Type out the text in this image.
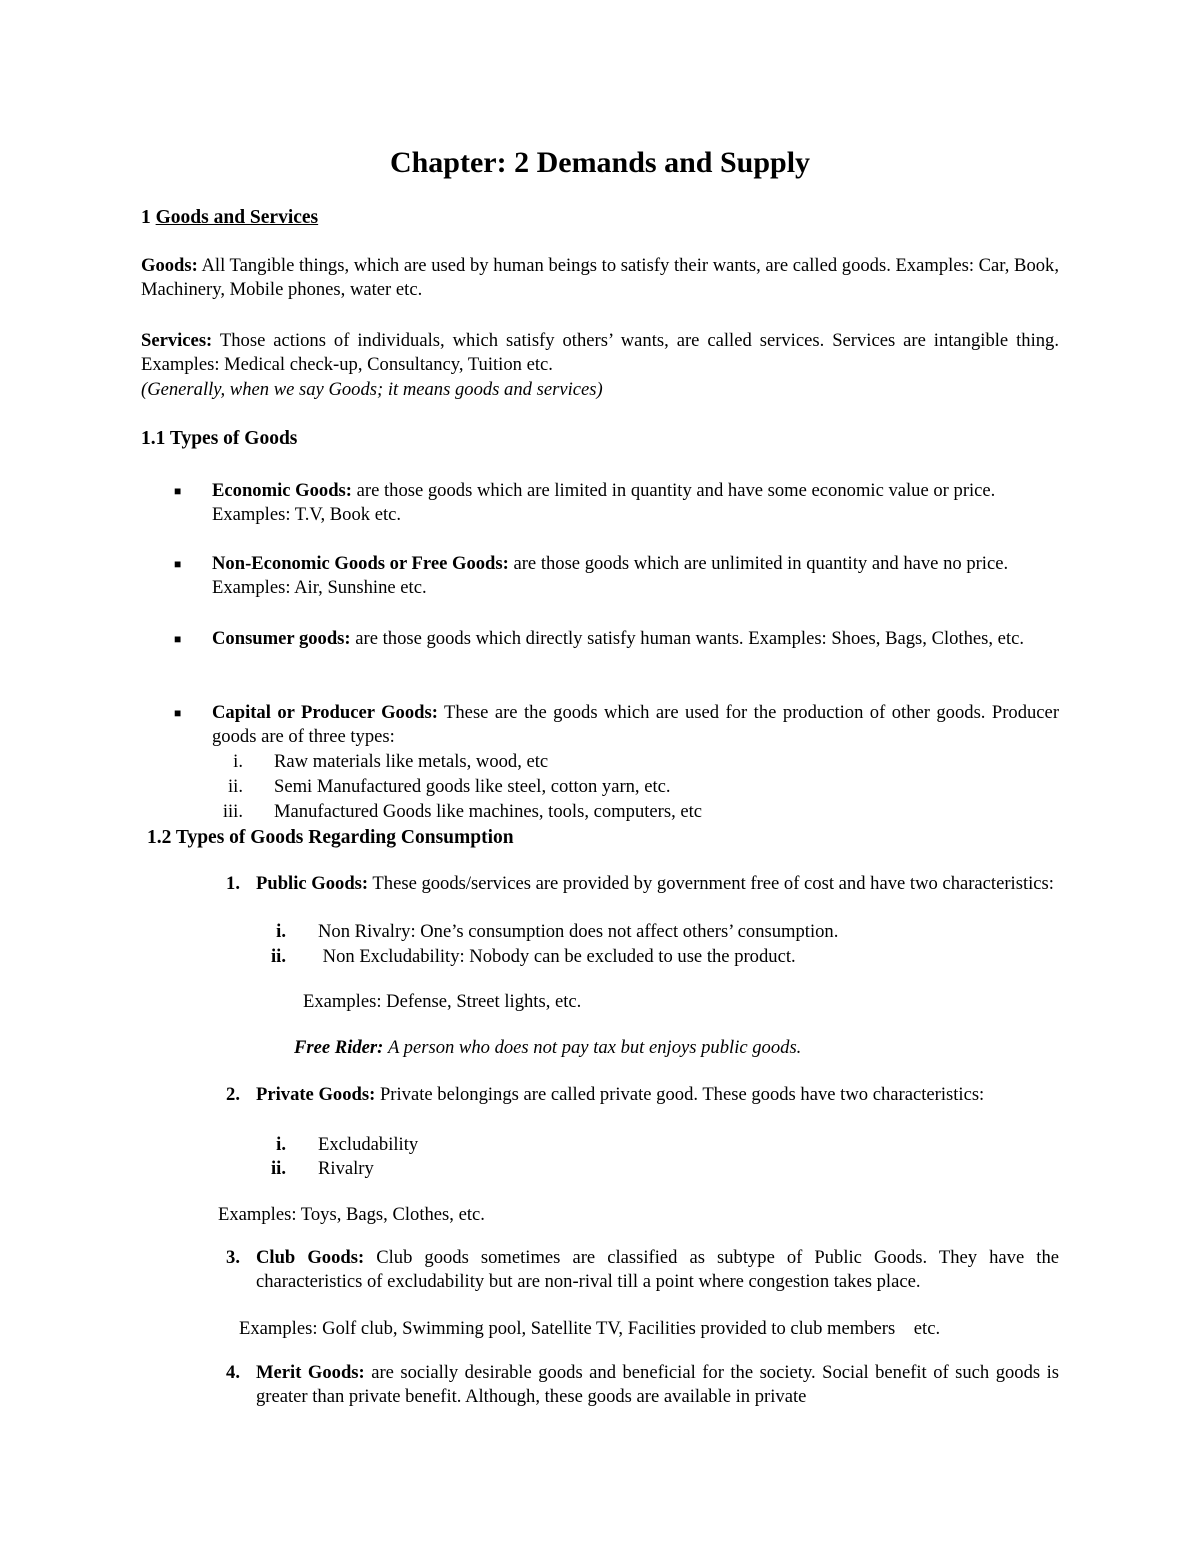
Chapter: 2 Demands and Supply
1 Goods and Services
Goods: All Tangible things, which are used by human beings to satisfy their wants, are called goods. Examples: Car, Book, Machinery, Mobile phones, water etc.
Services: Those actions of individuals, which satisfy others’ wants, are called services. Services are intangible thing. Examples: Medical check-up, Consultancy, Tuition etc.
(Generally, when we say Goods; it means goods and services)
1.1 Types of Goods
■ Economic Goods: are those goods which are limited in quantity and have some economic value or price. Examples: T.V, Book etc.
■ Non-Economic Goods or Free Goods: are those goods which are unlimited in quantity and have no price. Examples: Air, Sunshine etc.
■ Consumer goods: are those goods which directly satisfy human wants. Examples: Shoes, Bags, Clothes, etc.
■ Capital or Producer Goods: These are the goods which are used for the production of other goods. Producer goods are of three types:
i. Raw materials like metals, wood, etc
ii. Semi Manufactured goods like steel, cotton yarn, etc.
iii. Manufactured Goods like machines, tools, computers, etc
1.2 Types of Goods Regarding Consumption
1. Public Goods: These goods/services are provided by government free of cost and have two characteristics:
i. Non Rivalry: One’s consumption does not affect others’ consumption.
ii. Non Excludability: Nobody can be excluded to use the product.
Examples: Defense, Street lights, etc.
Free Rider: A person who does not pay tax but enjoys public goods.
2. Private Goods: Private belongings are called private good. These goods have two characteristics:
i. Excludability
ii. Rivalry
Examples: Toys, Bags, Clothes, etc.
3. Club Goods: Club goods sometimes are classified as subtype of Public Goods. They have the characteristics of excludability but are non-rival till a point where congestion takes place.
Examples: Golf club, Swimming pool, Satellite TV, Facilities provided to club members    etc.
4. Merit Goods: are socially desirable goods and beneficial for the society. Social benefit of such goods is greater than private benefit. Although, these goods are available in private
